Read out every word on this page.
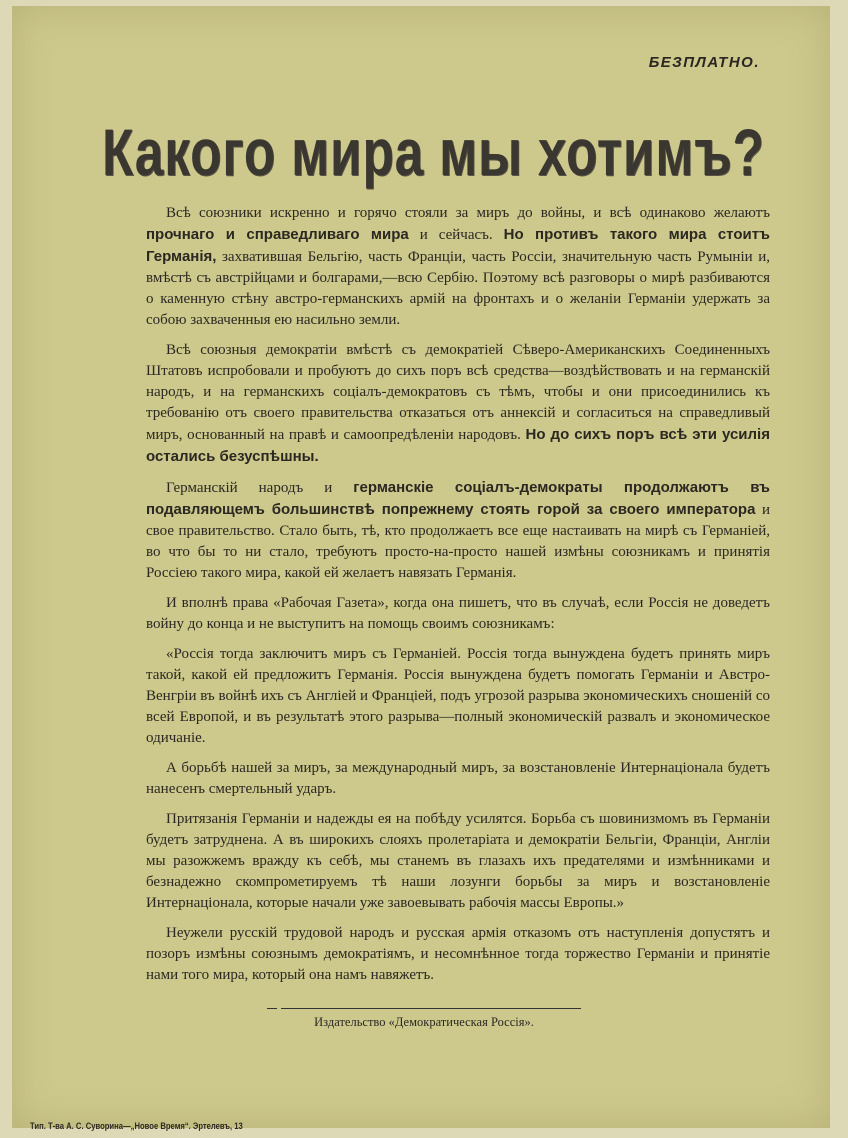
БЕЗПЛАТНО.
Какого мира мы хотимъ?

Всѣ союзники искренно и горячо стояли за миръ до войны, и всѣ одинаково желаютъ прочнаго и справедливаго мира и сейчасъ. Но противъ такого мира стоитъ Германія, захватившая Бельгію, часть Франціи, часть Россіи, значительную часть Румыніи и, вмѣстѣ съ австрійцами и болгарами,—всю Сербію. Поэтому всѣ разговоры о мирѣ разбиваются о каменную стѣну австро-германскихъ армій на фронтахъ и о желаніи Германіи удержать за собою захваченныя ею насильно земли.

Всѣ союзныя демократіи вмѣстѣ съ демократіей Сѣверо-Американскихъ Соединенныхъ Штатовъ испробовали и пробуютъ до сихъ поръ всѣ средства—воздѣйствовать и на германскій народъ, и на германскихъ соціалъ-демократовъ съ тѣмъ, чтобы и они присоединились къ требованію отъ своего правительства отказаться отъ аннексій и согласиться на справедливый миръ, основанный на правѣ и самоопредѣленіи народовъ. Но до сихъ поръ всѣ эти усилія остались безуспѣшны.

Германскій народъ и германскіе соціалъ-демократы продолжаютъ въ подавляющемъ большинствѣ попрежнему стоять горой за своего императора и свое правительство. Стало быть, тѣ, кто продолжаетъ все еще настаивать на мирѣ съ Германіей, во что бы то ни стало, требуютъ просто-на-просто нашей измѣны союзникамъ и принятія Россіею такого мира, какой ей желаетъ навязать Германія.

И вполнѣ права «Рабочая Газета», когда она пишетъ, что въ случаѣ, если Россія не доведетъ войну до конца и не выступитъ на помощь своимъ союзникамъ:

«Россія тогда заключитъ миръ съ Германіей. Россія тогда вынуждена будетъ принять миръ такой, какой ей предложитъ Германія. Россія вынуждена будетъ помогать Германіи и Австро-Венгріи въ войнѣ ихъ съ Англіей и Франціей, подъ угрозой разрыва экономическихъ сношеній со всей Европой, и въ результатѣ этого разрыва—полный экономическій развалъ и экономическое одичаніе.

А борьбѣ нашей за миръ, за международный миръ, за возстановленіе Интернаціонала будетъ нанесенъ смертельный ударъ.

Притязанія Германіи и надежды ея на побѣду усилятся. Борьба съ шовинизмомъ въ Германіи будетъ затруднена. А въ широкихъ слояхъ пролетаріата и демократіи Бельгіи, Франціи, Англіи мы разожжемъ вражду къ себѣ, мы станемъ въ глазахъ ихъ предателями и измѣнниками и безнадежно скомпрометируемъ тѣ наши лозунги борьбы за миръ и возстановленіе Интернаціонала, которые начали уже завоевывать рабочія массы Европы.»

Неужели русскій трудовой народъ и русская армія отказомъ отъ наступленія допустятъ и позоръ измѣны союзнымъ демократіямъ, и несомнѣнное тогда торжество Германіи и принятіе нами того мира, который она намъ навяжетъ.

Издательство «Демократическая Россія».
Тип. Т-ва А. С. Суворина—„Новое Время“. Эртелевъ, 13
